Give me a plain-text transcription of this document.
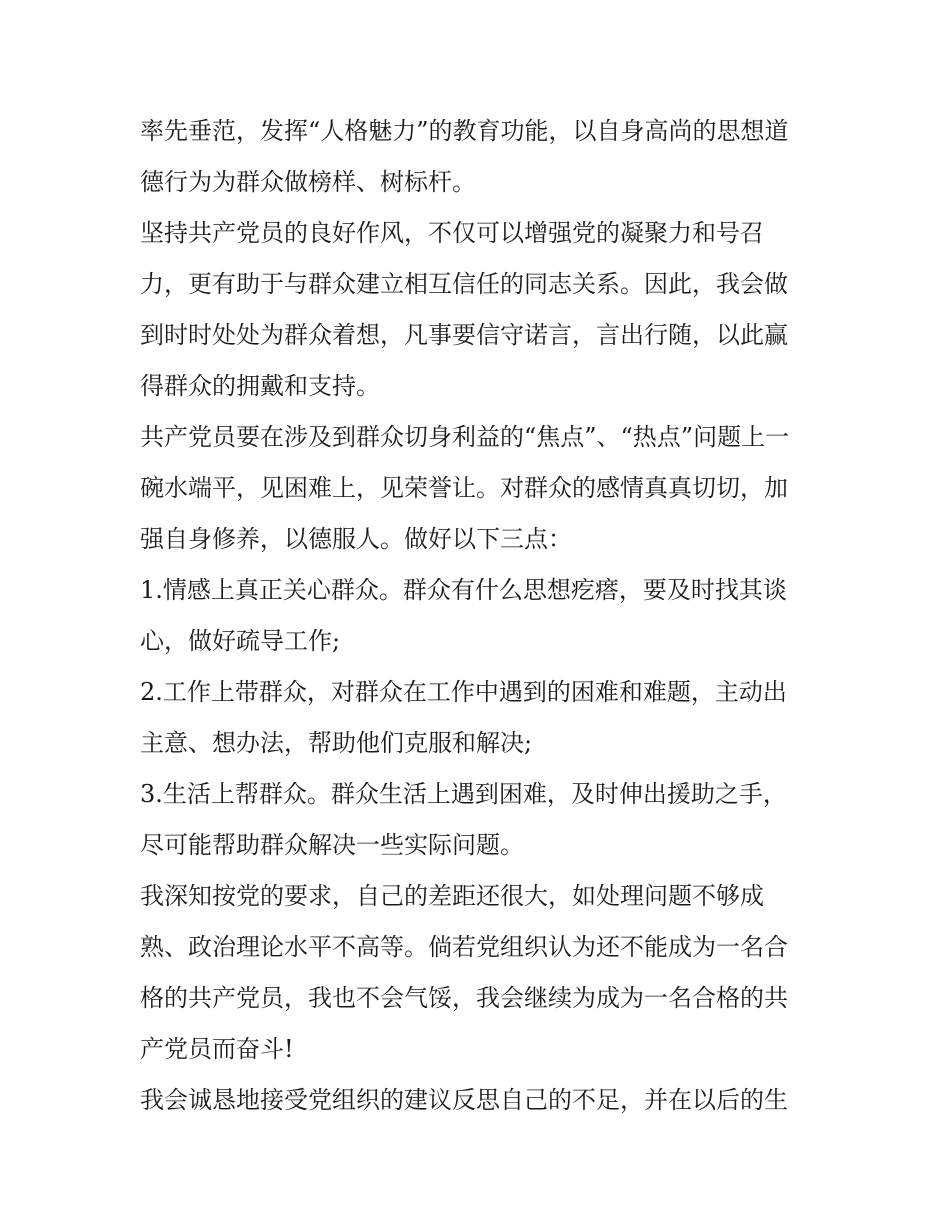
率先垂范，发挥“人格魅力”的教育功能，以自身高尚的思想道
德行为为群众做榜样、树标杆。
坚持共产党员的良好作风，不仅可以增强党的凝聚力和号召
力，更有助于与群众建立相互信任的同志关系。因此，我会做
到时时处处为群众着想，凡事要信守诺言，言出行随，以此赢
得群众的拥戴和支持。
共产党员要在涉及到群众切身利益的“焦点”、“热点”问题上一
碗水端平，见困难上，见荣誉让。对群众的感情真真切切，加
强自身修养，以德服人。做好以下三点：
1.情感上真正关心群众。群众有什么思想疙瘩，要及时找其谈
心，做好疏导工作;
2.工作上带群众，对群众在工作中遇到的困难和难题，主动出
主意、想办法，帮助他们克服和解决;
3.生活上帮群众。群众生活上遇到困难，及时伸出援助之手，
尽可能帮助群众解决一些实际问题。
我深知按党的要求，自己的差距还很大，如处理问题不够成
熟、政治理论水平不高等。倘若党组织认为还不能成为一名合
格的共产党员，我也不会气馁，我会继续为成为一名合格的共
产党员而奋斗!
我会诚恳地接受党组织的建议反思自己的不足，并在以后的生
